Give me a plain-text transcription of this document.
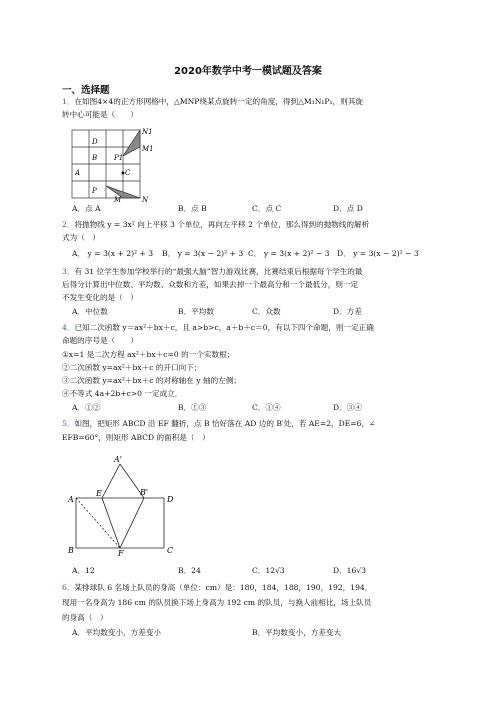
2020年数学中考一模试题及答案
一、选择题
1．在如图4×4的正方形网格中，△MNP绕某点旋转一定的角度，得到△M₁N₁P₁，则其旋
转中心可能是（　　）
N1
M1
D
B P1
A	C
P
M	N
A．点 A	B．点 B	C．点 C	D．点 D
2．将抛物线 y = 3x² 向上平移 3 个单位，再向左平移 2 个单位，那么得到的抛物线的解析
式为（　）
A． y = 3(x + 2)² + 3 B． y = 3(x − 2)² + 3 C． y = 3(x + 2)² − 3 D． y = 3(x − 2)² − 3
3．有 31 位学生参加学校举行的“最强大脑”智力游戏比赛，比赛结束后根据每个学生的最
后得分计算出中位数、平均数、众数和方差，如果去掉一个最高分和一个最低分，则一定
不发生变化的是（　）
A．中位数	B．平均数	C．众数	D．方差
4．已知二次函数 y＝ax²＋bx＋c，且 a>b>c，a＋b＋c＝0，有以下四个命题，则一定正确
命题的序号是（　　）
①x=1 是二次方程 ax²＋bx＋c=0 的一个实数根；
②二次函数 y=ax²＋bx＋c 的开口向下；
③二次函数 y=ax²＋bx＋c 的对称轴在 y 轴的左侧；
④不等式 4a+2b+c>0 一定成立．
A．①②	B．①③	C．①④	D．③④
5．如图，把矩形 ABCD 沿 EF 翻折，点 B 恰好落在 AD 边的 B′处，若 AE=2，DE=6，∠
EFB=60°，则矩形 ABCD 的面积是（　）
A'
A
E	B'
D
B	F	C
A．12	B．24	C．12√3	D．16√3
6．某排球队 6 名场上队员的身高（单位：cm）是：180，184，188，190，192，194．
现用一名身高为 186 cm 的队员换下场上身高为 192 cm 的队员，与换人前相比，场上队员
的身高（　）
A．平均数变小，方差变小	B．平均数变小，方差变大
